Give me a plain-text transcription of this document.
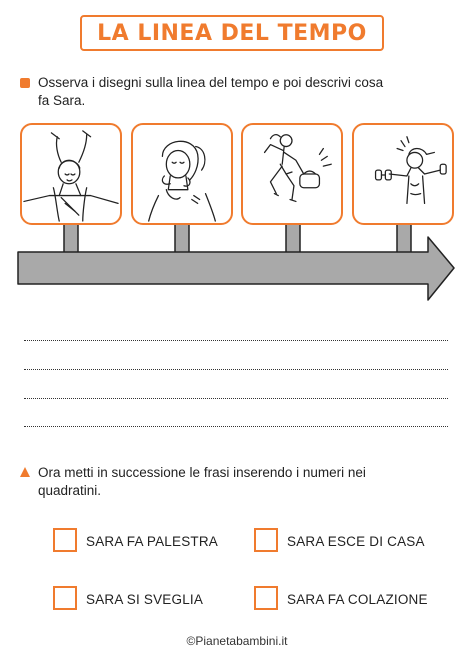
LA LINEA DEL TEMPO
Osserva i disegni sulla linea del tempo e poi descrivi cosa
fa Sara.
Ora metti in successione le frasi inserendo i numeri nei
quadratini.
SARA FA PALESTRA	SARA ESCE DI CASA
SARA SI SVEGLIA	SARA FA COLAZIONE
©Pianetabambini.it
